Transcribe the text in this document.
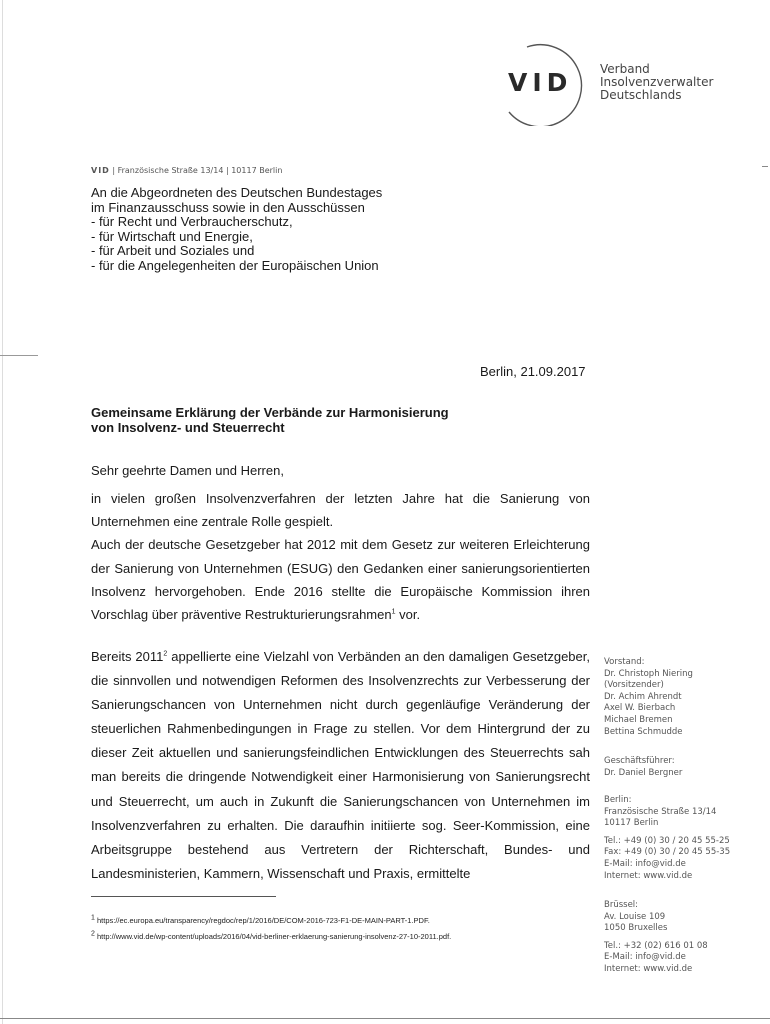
VID Verband
Insolvenzverwalter
Deutschlands
VID | Französische Straße 13/14 | 10117 Berlin
An die Abgeordneten des Deutschen Bundestages
im Finanzausschuss sowie in den Ausschüssen
- für Recht und Verbraucherschutz,
- für Wirtschaft und Energie,
- für Arbeit und Soziales und
- für die Angelegenheiten der Europäischen Union
Berlin, 21.09.2017
Gemeinsame Erklärung der Verbände zur Harmonisierung
von Insolvenz- und Steuerrecht
Sehr geehrte Damen und Herren,
in vielen großen Insolvenzverfahren der letzten Jahre hat die Sanierung von Unternehmen eine zentrale Rolle gespielt.
Auch der deutsche Gesetzgeber hat 2012 mit dem Gesetz zur weiteren Erleichterung der Sanierung von Unternehmen (ESUG) den Gedanken einer sanierungsorientierten Insolvenz hervorgehoben. Ende 2016 stellte die Europäische Kommission ihren Vorschlag über präventive Restrukturierungsrahmen$^1$ vor.
Bereits 2011$^2$ appellierte eine Vielzahl von Verbänden an den damaligen Gesetzgeber, die sinnvollen und notwendigen Reformen des Insolvenzrechts zur Verbesserung der Sanierungschancen von Unternehmen nicht durch gegenläufige Veränderung der steuerlichen Rahmenbedingungen in Frage zu stellen. Vor dem Hintergrund der zu dieser Zeit aktuellen und sanierungsfeindlichen Entwicklungen des Steuerrechts sah man bereits die dringende Notwendigkeit einer Harmonisierung von Sanierungsrecht und Steuerrecht, um auch in Zukunft die Sanierungschancen von Unternehmen im Insolvenzverfahren zu erhalten. Die daraufhin initiierte sog. Seer-Kommission, eine Arbeitsgruppe bestehend aus Vertretern der Richterschaft, Bundes- und Landesministerien, Kammern, Wissenschaft und Praxis, ermittelte
$^1$ https://ec.europa.eu/transparency/regdoc/rep/1/2016/DE/COM-2016-723-F1-DE-MAIN-PART-1.PDF.
$^2$ http://www.vid.de/wp-content/uploads/2016/04/vid-berliner-erklaerung-sanierung-insolvenz-27-10-2011.pdf.
Vorstand:
Dr. Christoph Niering
(Vorsitzender)
Dr. Achim Ahrendt
Axel W. Bierbach
Michael Bremen
Bettina Schmudde
Geschäftsführer:
Dr. Daniel Bergner
Berlin:
Französische Straße 13/14
10117 Berlin
Tel.: +49 (0) 30 / 20 45 55-25
Fax: +49 (0) 30 / 20 45 55-35
E-Mail: info@vid.de
Internet: www.vid.de
Brüssel:
Av. Louise 109
1050 Bruxelles
Tel.: +32 (02) 616 01 08
E-Mail: info@vid.de
Internet: www.vid.de
